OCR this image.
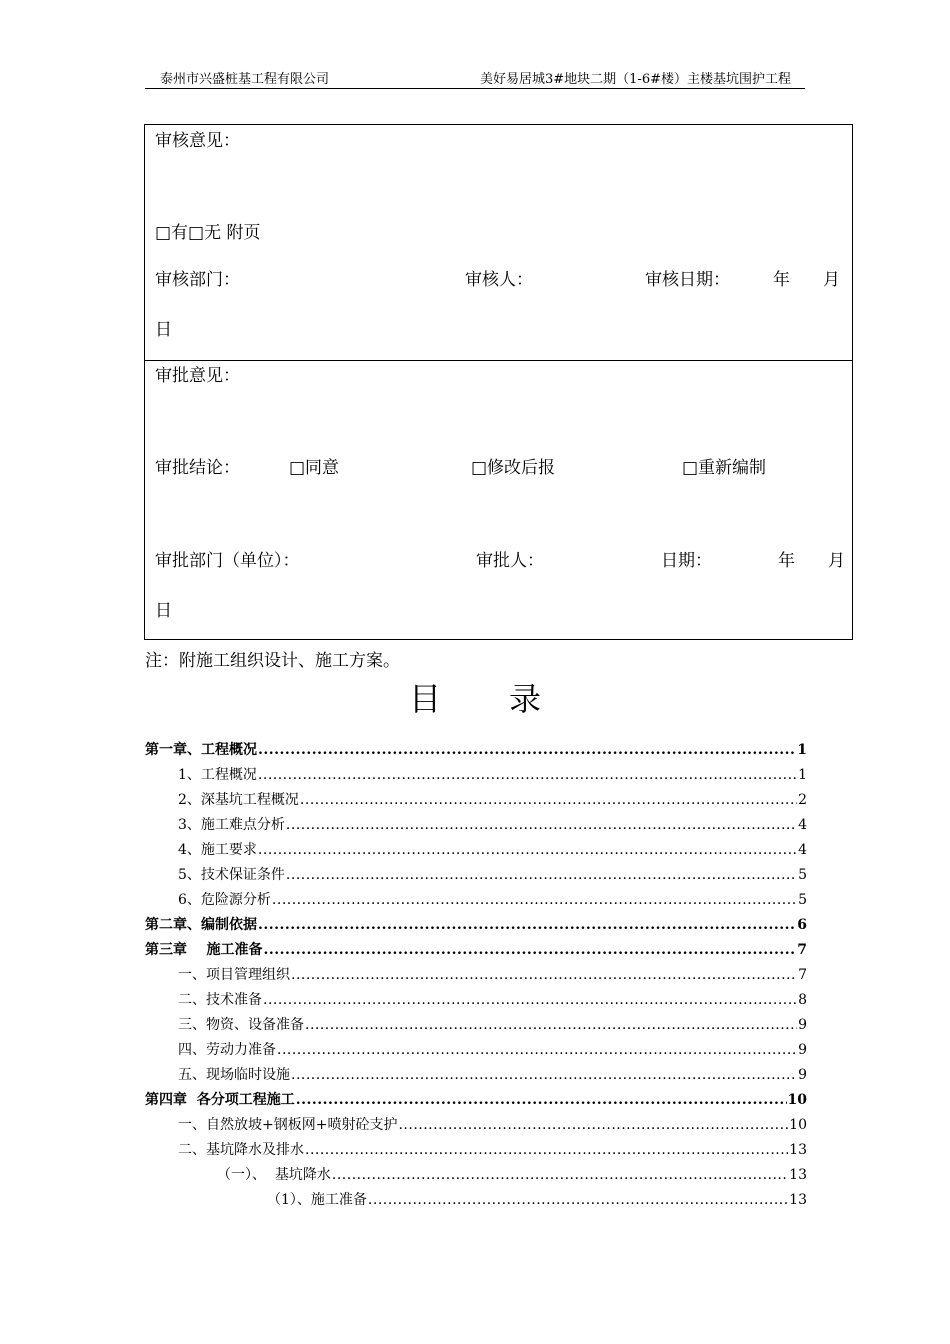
泰州市兴盛桩基工程有限公司	美好易居城3#地块二期（1-6#楼）主楼基坑围护工程
审核意见：
□有□无 附页
审核部门：	审核人：	审核日期：	年 月
日
审批意见：
审批结论：	□同意	□修改后报	□重新编制
审批部门（单位）：	审批人：	日期：	年 月
日
注：附施工组织设计、施工方案。
目录
第一章、工程概况 .....	1
1、工程概况 .....	1
2、深基坑工程概况 .....	2
3、施工难点分析 .....	4
4、施工要求 .....	4
5、技术保证条件 .....	5
6、危险源分析 .....	5
第二章、编制依据 .....	6
第三章    施工准备 .....	7
一、项目管理组织 .....	7
二、技术准备 .....	8
三、物资、设备准备 .....	9
四、劳动力准备 .....	9
五、现场临时设施 .....	9
第四章  各分项工程施工 .....	10
一、自然放坡+钢板网+喷射砼支护 .....	10
二、基坑降水及排水 .....	13
（一）、  基坑降水 .....	13
（1）、施工准备 .....	13
